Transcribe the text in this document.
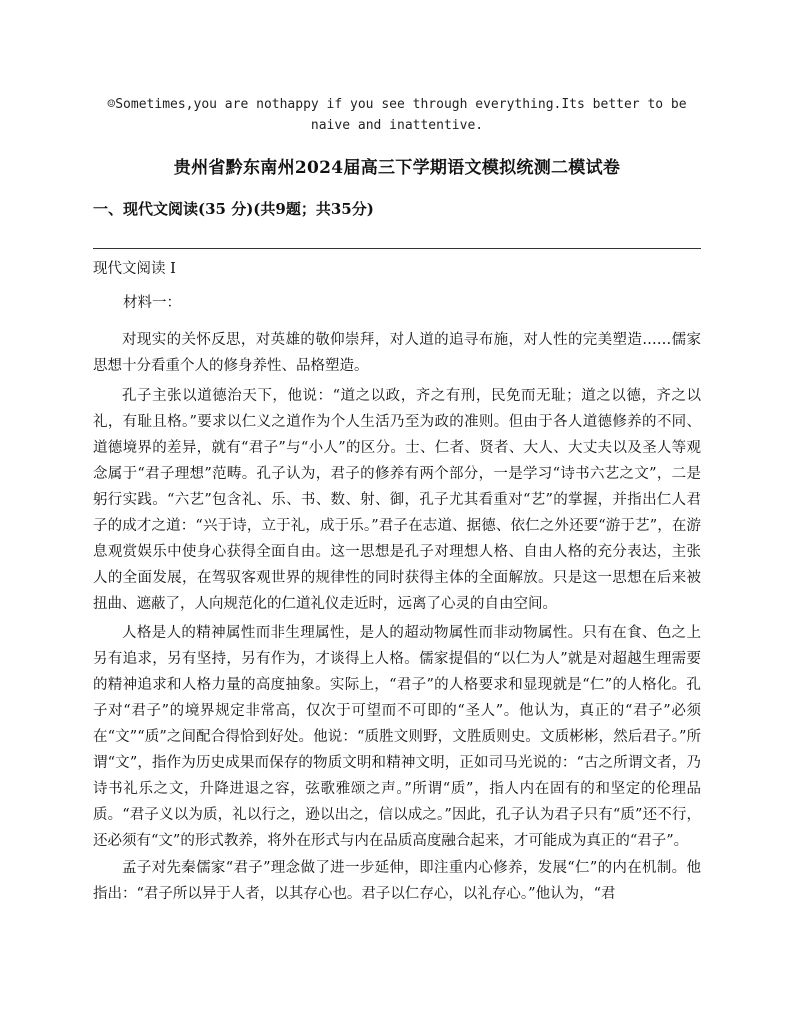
☺Sometimes,you are nothappy if you see through everything.Its better to be naive and inattentive.
贵州省黔东南州2024届高三下学期语文模拟统测二模试卷
一、现代文阅读(35 分)(共9题；共35分)
现代文阅读 I
材料一：

对现实的关怀反思，对英雄的敬仰崇拜，对人道的追寻布施，对人性的完美塑造……儒家思想十分看重个人的修身养性、品格塑造。

孔子主张以道德治天下，他说：“道之以政，齐之有刑，民免而无耻；道之以德，齐之以礼，有耻且格。”要求以仁义之道作为个人生活乃至为政的准则。但由于各人道德修养的不同、道德境界的差异，就有“君子”与“小人”的区分。士、仁者、贤者、大人、大丈夫以及圣人等观念属于“君子理想”范畴。孔子认为，君子的修养有两个部分，一是学习“诗书六艺之文”，二是躬行实践。“六艺”包含礼、乐、书、数、射、御，孔子尤其看重对“艺”的掌握，并指出仁人君子的成才之道：“兴于诗，立于礼，成于乐。”君子在志道、据德、依仁之外还要“游于艺”，在游息观赏娱乐中使身心获得全面自由。这一思想是孔子对理想人格、自由人格的充分表达，主张人的全面发展，在驾驭客观世界的规律性的同时获得主体的全面解放。只是这一思想在后来被扭曲、遮蔽了，人向规范化的仁道礼仪走近时，远离了心灵的自由空间。

人格是人的精神属性而非生理属性，是人的超动物属性而非动物属性。只有在食、色之上另有追求，另有坚持，另有作为，才谈得上人格。儒家提倡的“以仁为人”就是对超越生理需要的精神追求和人格力量的高度抽象。实际上，“君子”的人格要求和显现就是“仁”的人格化。孔子对“君子”的境界规定非常高，仅次于可望而不可即的“圣人”。他认为，真正的“君子”必须在“文”“质”之间配合得恰到好处。他说：“质胜文则野，文胜质则史。文质彬彬，然后君子。”所谓“文”，指作为历史成果而保存的物质文明和精神文明，正如司马光说的：“古之所谓文者，乃诗书礼乐之文，升降进退之容，弦歌雅颂之声。”所谓“质”，指人内在固有的和坚定的伦理品质。“君子义以为质，礼以行之，逊以出之，信以成之。”因此，孔子认为君子只有“质”还不行，还必须有“文”的形式教养，将外在形式与内在品质高度融合起来，才可能成为真正的“君子”。

孟子对先秦儒家“君子”理念做了进一步延伸，即注重内心修养，发展“仁”的内在机制。他指出：“君子所以异于人者，以其存心也。君子以仁存心，以礼存心。”他认为，“君
